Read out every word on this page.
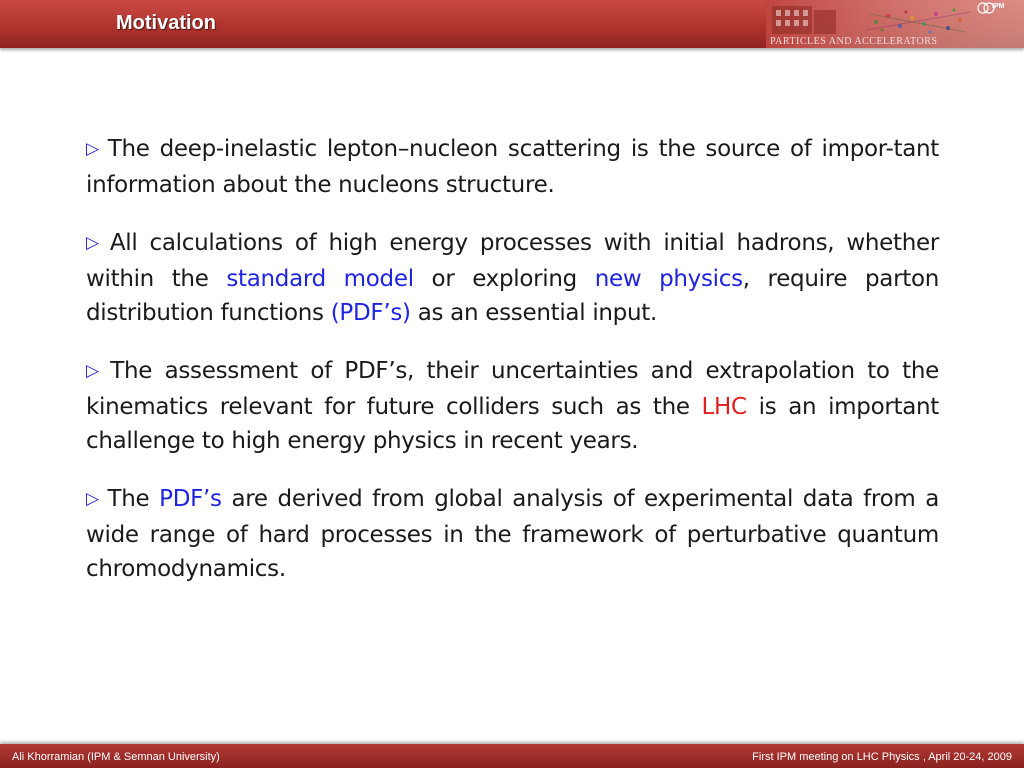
Motivation
PARTICLES AND ACCELERATORS
IPM

▷ The deep-inelastic lepton–nucleon scattering is the source of impor-tant information about the nucleons structure.

▷ All calculations of high energy processes with initial hadrons, whether within the standard model or exploring new physics, require parton distribution functions (PDF’s) as an essential input.

▷ The assessment of PDF’s, their uncertainties and extrapolation to the kinematics relevant for future colliders such as the LHC is an important challenge to high energy physics in recent years.

▷ The PDF’s are derived from global analysis of experimental data from a wide range of hard processes in the framework of perturbative quantum chromodynamics.

Ali Khorramian (IPM & Semnan University)	First IPM meeting on LHC Physics , April 20-24, 2009
